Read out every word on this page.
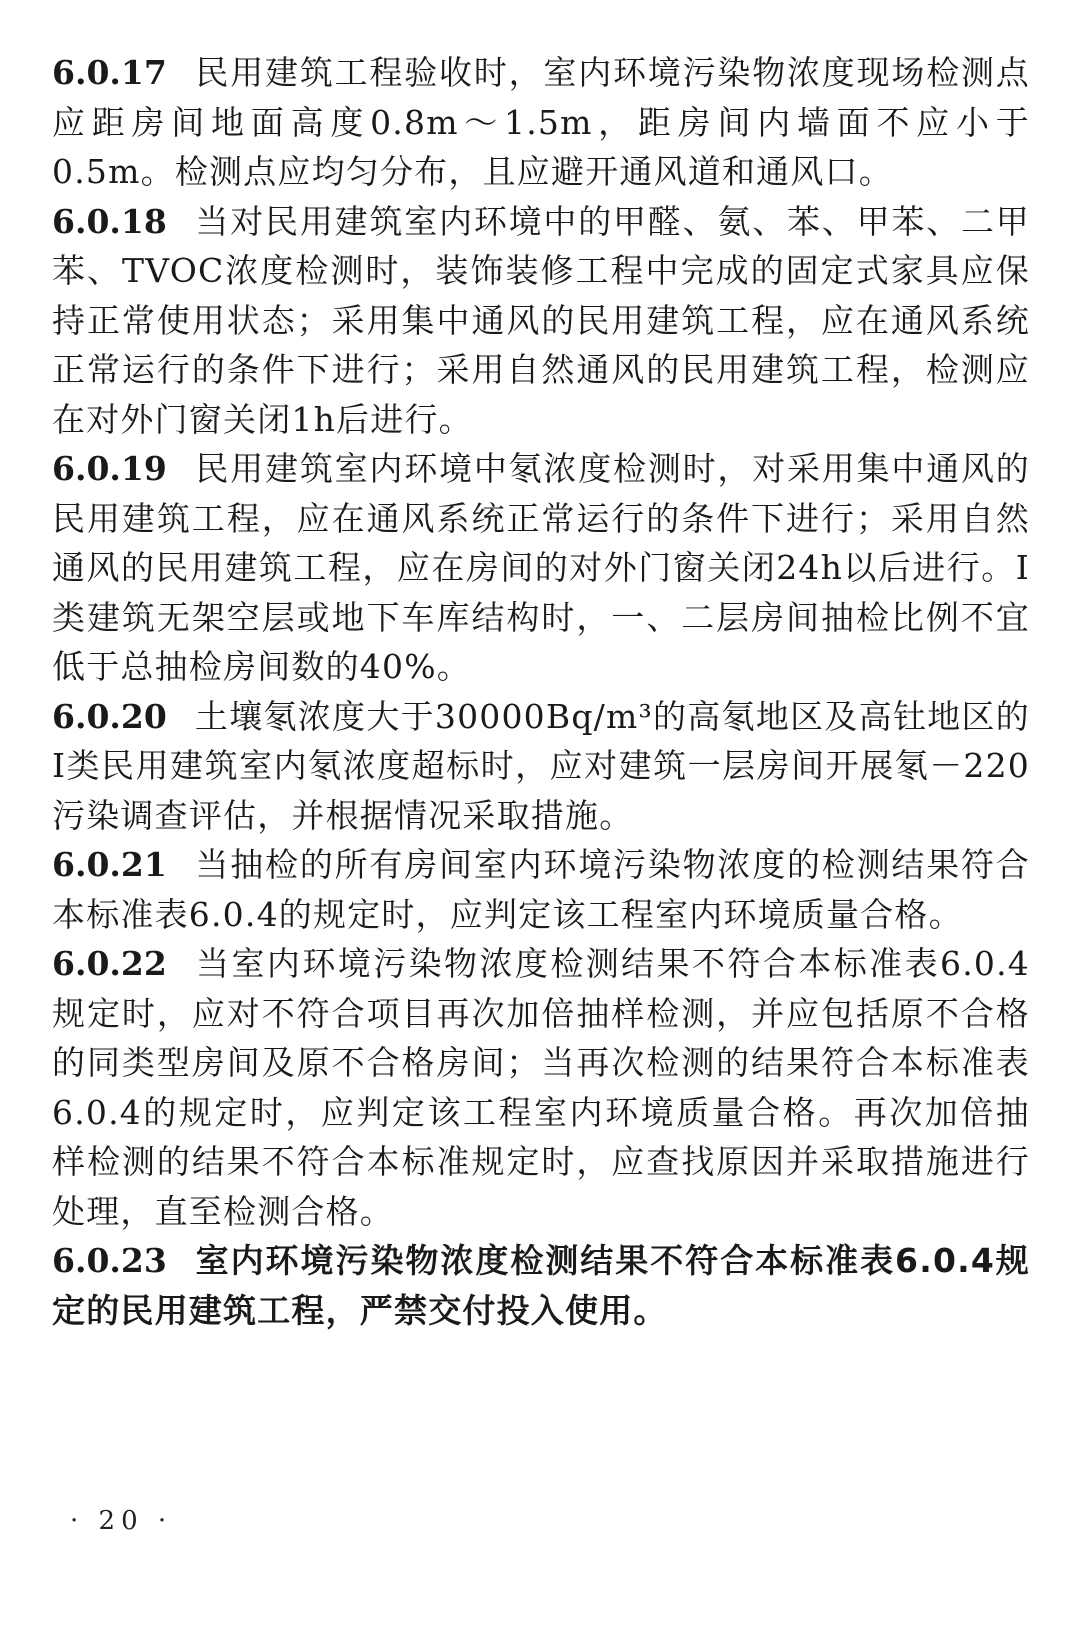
6.0.17 民用建筑工程验收时，室内环境污染物浓度现场检测点应距房间地面高度0.8m～1.5m，距房间内墙面不应小于0.5m。检测点应均匀分布，且应避开通风道和通风口。

6.0.18 当对民用建筑室内环境中的甲醛、氨、苯、甲苯、二甲苯、TVOC浓度检测时，装饰装修工程中完成的固定式家具应保持正常使用状态；采用集中通风的民用建筑工程，应在通风系统正常运行的条件下进行；采用自然通风的民用建筑工程，检测应在对外门窗关闭1h后进行。

6.0.19 民用建筑室内环境中氡浓度检测时，对采用集中通风的民用建筑工程，应在通风系统正常运行的条件下进行；采用自然通风的民用建筑工程，应在房间的对外门窗关闭24h以后进行。Ⅰ类建筑无架空层或地下车库结构时，一、二层房间抽检比例不宜低于总抽检房间数的40%。

6.0.20 土壤氡浓度大于30000Bq/m³的高氡地区及高钍地区的Ⅰ类民用建筑室内氡浓度超标时，应对建筑一层房间开展氡－220污染调查评估，并根据情况采取措施。

6.0.21 当抽检的所有房间室内环境污染物浓度的检测结果符合本标准表6.0.4的规定时，应判定该工程室内环境质量合格。

6.0.22 当室内环境污染物浓度检测结果不符合本标准表6.0.4规定时，应对不符合项目再次加倍抽样检测，并应包括原不合格的同类型房间及原不合格房间；当再次检测的结果符合本标准表6.0.4的规定时，应判定该工程室内环境质量合格。再次加倍抽样检测的结果不符合本标准规定时，应查找原因并采取措施进行处理，直至检测合格。

6.0.23 室内环境污染物浓度检测结果不符合本标准表6.0.4规定的民用建筑工程，严禁交付投入使用。

· 20 ·
